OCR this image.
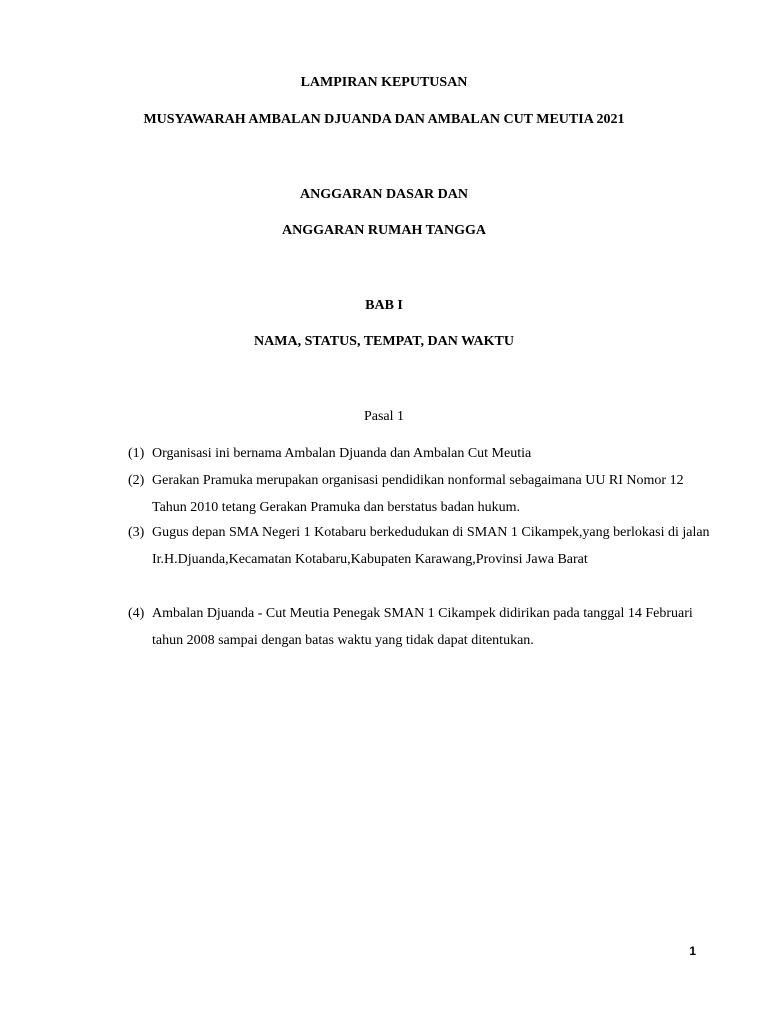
LAMPIRAN KEPUTUSAN
MUSYAWARAH AMBALAN DJUANDA DAN AMBALAN CUT MEUTIA 2021
ANGGARAN DASAR DAN
ANGGARAN RUMAH TANGGA
BAB I
NAMA, STATUS, TEMPAT, DAN WAKTU
Pasal 1
(1) Organisasi ini bernama Ambalan Djuanda dan Ambalan Cut Meutia
(2) Gerakan Pramuka merupakan organisasi pendidikan nonformal sebagaimana UU RI Nomor 12 Tahun 2010 tetang Gerakan Pramuka dan berstatus badan hukum.
(3) Gugus depan SMA Negeri 1 Kotabaru berkedudukan di SMAN 1 Cikampek,yang berlokasi di jalan Ir.H.Djuanda,Kecamatan Kotabaru,Kabupaten Karawang,Provinsi Jawa Barat
(4) Ambalan Djuanda - Cut Meutia Penegak SMAN 1 Cikampek didirikan pada tanggal 14 Februari tahun 2008 sampai dengan batas waktu yang tidak dapat ditentukan.
1
